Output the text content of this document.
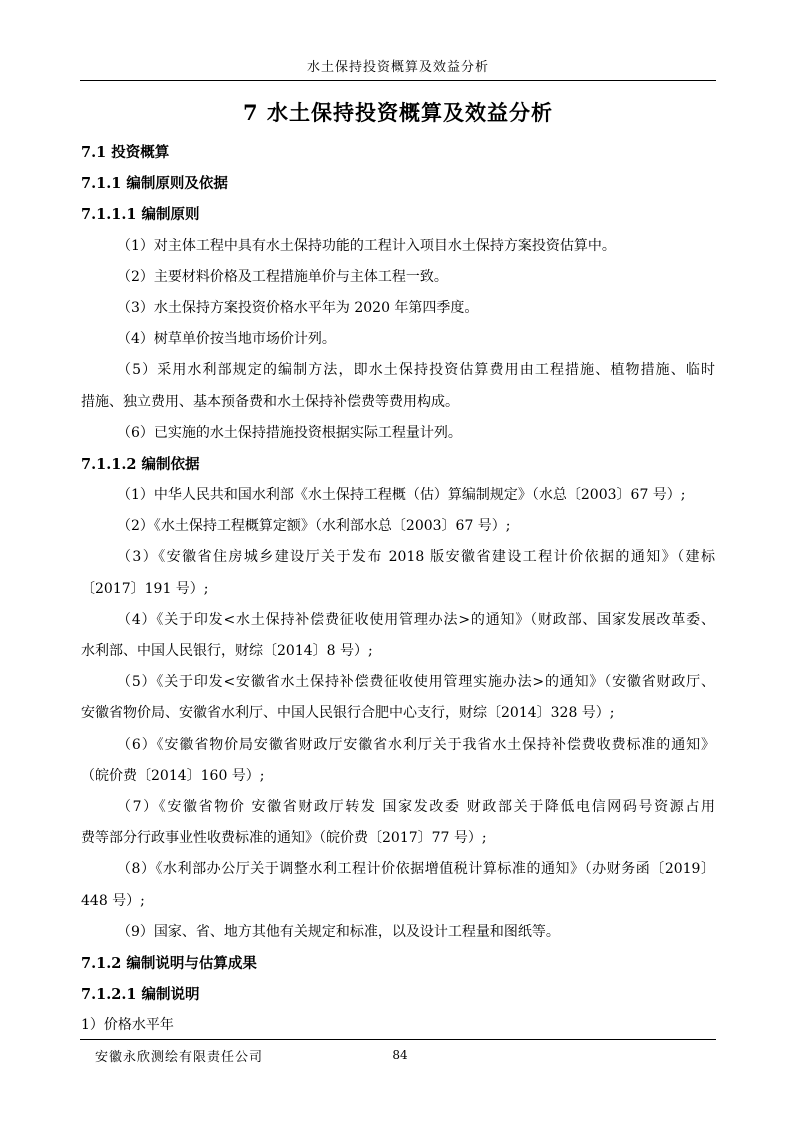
水土保持投资概算及效益分析
7 水土保持投资概算及效益分析

7.1 投资概算

7.1.1 编制原则及依据

7.1.1.1 编制原则

（1）对主体工程中具有水土保持功能的工程计入项目水土保持方案投资估算中。

（2）主要材料价格及工程措施单价与主体工程一致。

（3）水土保持方案投资价格水平年为 2020 年第四季度。

（4）树草单价按当地市场价计列。

（5）采用水利部规定的编制方法，即水土保持投资估算费用由工程措施、植物措施、临时

措施、独立费用、基本预备费和水土保持补偿费等费用构成。

（6）已实施的水土保持措施投资根据实际工程量计列。

7.1.1.2 编制依据

（1）中华人民共和国水利部《水土保持工程概（估）算编制规定》（水总〔2003〕67 号）;

（2）《水土保持工程概算定额》（水利部水总〔2003〕67 号）;

（3）《安徽省住房城乡建设厅关于发布 2018 版安徽省建设工程计价依据的通知》（建标

〔2017〕191 号）;

（4）《关于印发<水土保持补偿费征收使用管理办法>的通知》（财政部、国家发展改革委、

水利部、中国人民银行，财综〔2014〕8 号）;

（5）《关于印发<安徽省水土保持补偿费征收使用管理实施办法>的通知》（安徽省财政厅、

安徽省物价局、安徽省水利厅、中国人民银行合肥中心支行，财综〔2014〕328 号）;

（6）《安徽省物价局安徽省财政厅安徽省水利厅关于我省水土保持补偿费收费标准的通知》

（皖价费〔2014〕160 号）;

（7）《安徽省物价 安徽省财政厅转发 国家发改委 财政部关于降低电信网码号资源占用

费等部分行政事业性收费标准的通知》（皖价费〔2017〕77 号）;

（8）《水利部办公厅关于调整水利工程计价依据增值税计算标准的通知》（办财务函〔2019〕

448 号）;

（9）国家、省、地方其他有关规定和标准，以及设计工程量和图纸等。

7.1.2 编制说明与估算成果

7.1.2.1 编制说明

1）价格水平年

安徽永欣测绘有限责任公司	84
